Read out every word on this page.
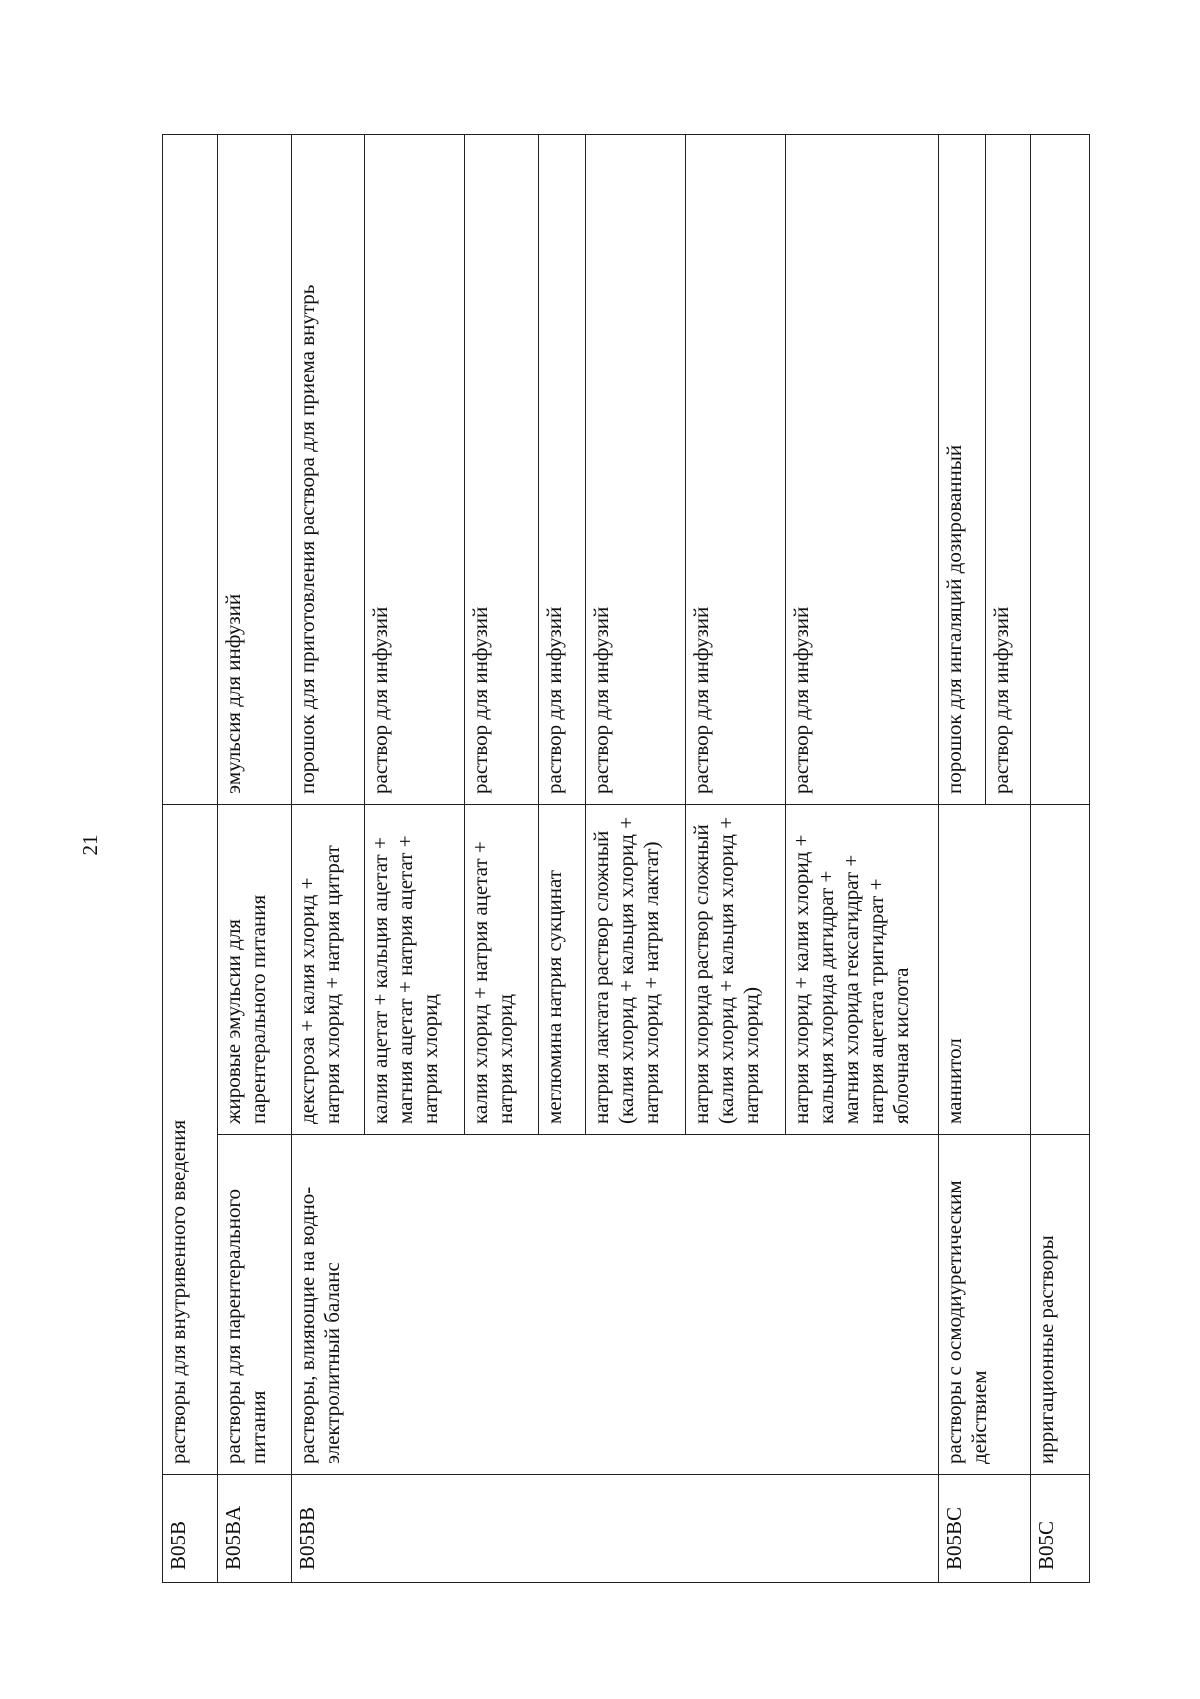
21
B05B	растворы для внутривенного введения		
B05BA	растворы для парентерального питания	жировые эмульсии для парентерального питания	эмульсия для инфузий
B05BB	растворы, влияющие на водно-электролитный баланс	декстроза + калия хлорид + натрия хлорид + натрия цитрат	порошок для приготовления раствора для приема внутрь
		калия ацетат + кальция ацетат + магния ацетат + натрия ацетат + натрия хлорид	раствор для инфузий
		калия хлорид + натрия ацетат + натрия хлорид	раствор для инфузий
		меглюмина натрия сукцинат	раствор для инфузий
		натрия лактата раствор сложный (калия хлорид + кальция хлорид + натрия хлорид + натрия лактат)	раствор для инфузий
		натрия хлорида раствор сложный (калия хлорид + кальция хлорид + натрия хлорид)	раствор для инфузий
		натрия хлорид + калия хлорид + кальция хлорида дигидрат + магния хлорида гексагидрат + натрия ацетата тригидрат + яблочная кислота	раствор для инфузий
B05BC	растворы с осмодиуретическим действием	маннитол	порошок для ингаляций дозированный
			раствор для инфузий
B05C	ирригационные растворы		
